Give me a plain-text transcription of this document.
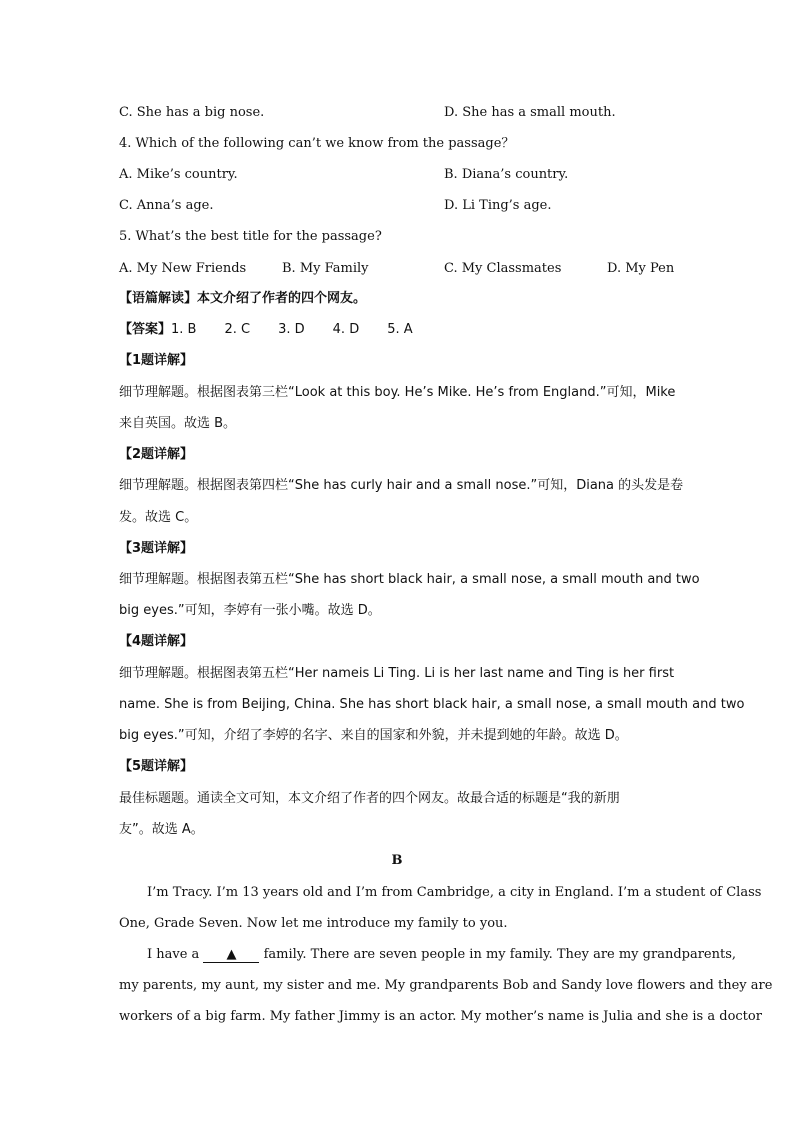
C. She has a big nose.	D. She has a small mouth.
4. Which of the following can’t we know from the passage？
A. Mike’s country.	B. Diana’s country.
C. Anna’s age.	D. Li Ting’s age.
5. What’s the best title for the passage?
A. My New Friends	B. My Family	C. My Classmates	D. My Pen
【语篇解读】本文介绍了作者的四个网友。
【答案】1. B 2. C 3. D 4. D 5. A
【1题详解】
细节理解题。根据图表第三栏“Look at this boy. He’s Mike. He’s from England.”可知，Mike
来自英国。故选 B。
【2题详解】
细节理解题。根据图表第四栏“She has curly hair and a small nose.”可知，Diana 的头发是卷
发。故选 C。
【3题详解】
细节理解题。根据图表第五栏“She has short black hair, a small nose, a small mouth and two
big eyes.”可知，李婷有一张小嘴。故选 D。
【4题详解】
细节理解题。根据图表第五栏“Her nameis Li Ting. Li is her last name and Ting is her first
name. She is from Beijing, China. She has short black hair, a small nose, a small mouth and two
big eyes.”可知，介绍了李婷的名字、来自的国家和外貌，并未提到她的年龄。故选 D。
【5题详解】
最佳标题题。通读全文可知，本文介绍了作者的四个网友。故最合适的标题是“我的新朋
友”。故选 A。
B
I’m Tracy. I’m 13 years old and I’m from Cambridge, a city in England. I’m a student of Class
One, Grade Seven. Now let me introduce my family to you.
I have a ▲ family. There are seven people in my family. They are my grandparents,
my parents, my aunt, my sister and me. My grandparents Bob and Sandy love flowers and they are
workers of a big farm. My father Jimmy is an actor. My mother’s name is Julia and she is a doctor
